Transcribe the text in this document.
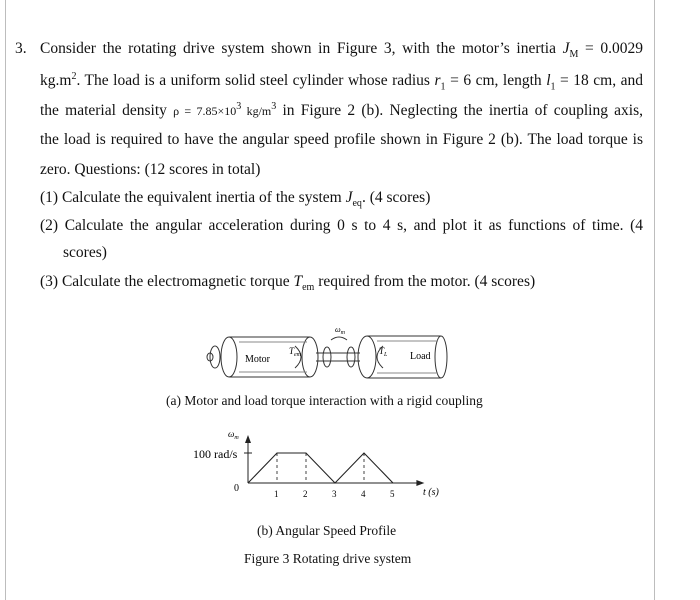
3. Consider the rotating drive system shown in Figure 3, with the motor’s inertia $J_M = 0.0029$
$kg.m^2$. The load is a uniform solid steel cylinder whose radius $r_1 = 6$ cm, length $l_1 = 18$ cm, and
the material density $\rho = 7.85\times 10^3$ $kg/m^3$ in Figure 2 (b). Neglecting the inertia of coupling axis,
the load is required to have the angular speed profile shown in Figure 2 (b). The load torque is
zero. Questions: (12 scores in total)
(1) Calculate the equivalent inertia of the system $J_{eq}$. (4 scores)
(2) Calculate the angular acceleration during 0 s to 4 s, and plot it as functions of time. (4
scores)
(3) Calculate the electromagnetic torque $T_{em}$ required from the motor. (4 scores)
Motor
$T_{em}$
$\omega_m$
$T_L$ Load
(a) Motor and load torque interaction with a rigid coupling
$\omega_m$
100 rad/s
0	t (s)
1	2	3	4	5
(b) Angular Speed Profile
Figure 3 Rotating drive system
